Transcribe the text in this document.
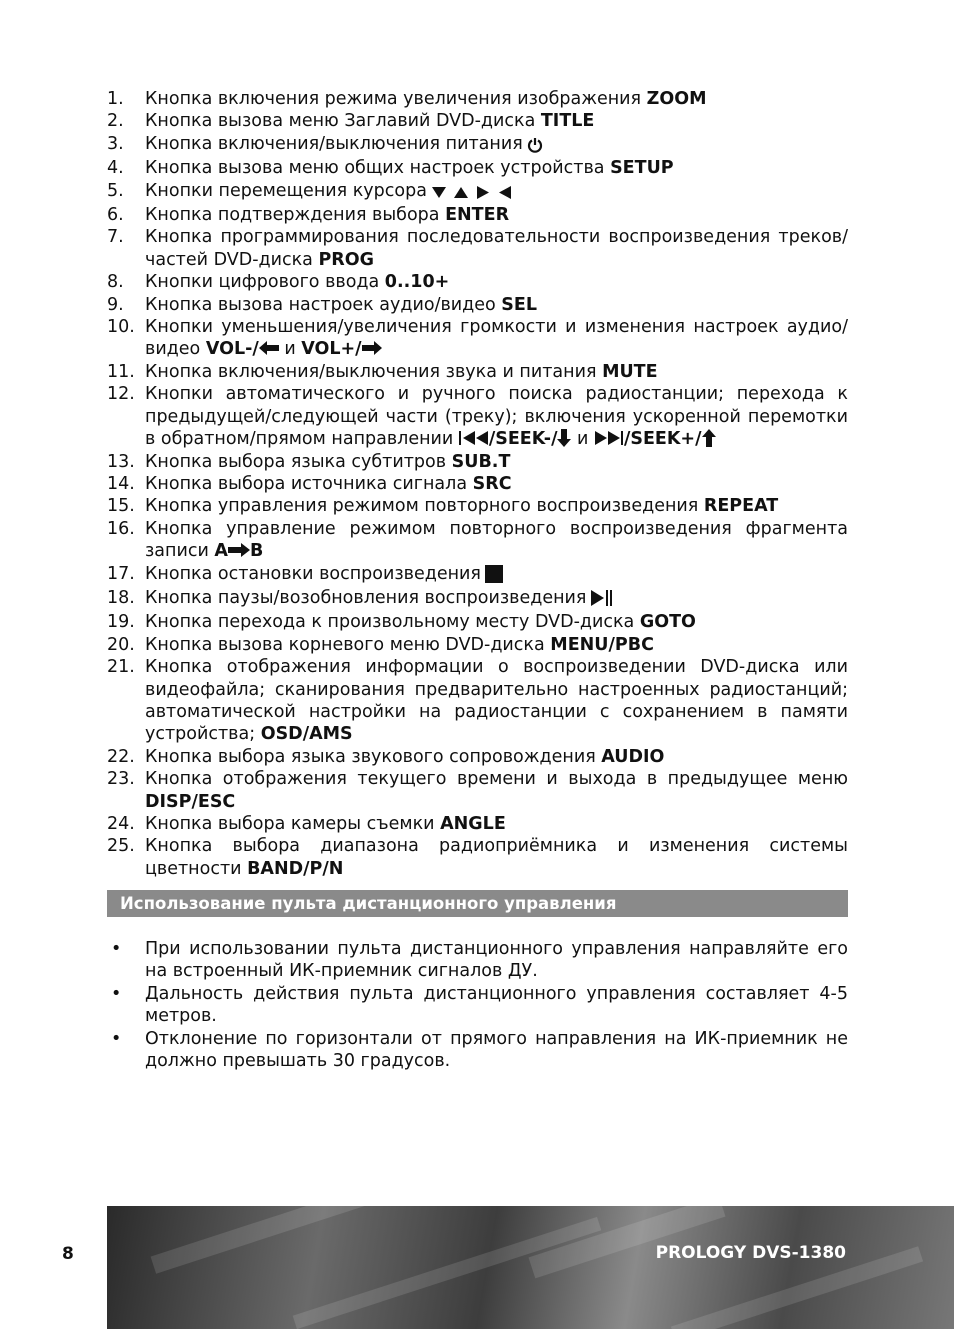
1.	Кнопка включения режима увеличения изображения ZOOM
2.	Кнопка вызова меню Заглавий DVD-диска TITLE
3.	Кнопка включения/выключения питания
4.	Кнопка вызова меню общих настроек устройства SETUP
5.	Кнопки перемещения курсора
6.	Кнопка подтверждения выбора ENTER
7.	Кнопка программирования последовательности воспроизведения треков/частей DVD-диска PROG
8.	Кнопки цифрового ввода 0..10+
9.	Кнопка вызова настроек аудио/видео SEL
10. Кнопки уменьшения/увеличения громкости и изменения настроек аудио/видео VOL-/ и VOL+/
11. Кнопка включения/выключения звука и питания MUTE
12. Кнопки автоматического и ручного поиска радиостанции; перехода к предыдущей/следующей части (треку); включения ускоренной перемотки в обратном/прямом направлении /SEEK-/ и /SEEK+/
13. Кнопка выбора языка субтитров SUB.T
14. Кнопка выбора источника сигнала SRC
15. Кнопка управления режимом повторного воспроизведения REPEAT
16. Кнопка управление режимом повторного воспроизведения фрагмента записи A B
17. Кнопка остановки воспроизведения
18. Кнопка паузы/возобновления воспроизведения
19. Кнопка перехода к произвольному месту DVD-диска GOTO
20. Кнопка вызова корневого меню DVD-диска MENU/PBC
21. Кнопка отображения информации о воспроизведении DVD-диска или видеофайла; сканирования предварительно настроенных радиостанций; автоматической настройки на радиостанции с сохранением в памяти устройства; OSD/AMS
22. Кнопка выбора языка звукового сопровождения AUDIO
23. Кнопка отображения текущего времени и выхода в предыдущее меню DISP/ESC
24. Кнопка выбора камеры съемки ANGLE
25. Кнопка выбора диапазона радиоприёмника и изменения системы цветности BAND/P/N
Использование пульта дистанционного управления
•	При использовании пульта дистанционного управления направляйте его на встроенный ИК-приемник сигналов ДУ.
•	Дальность действия пульта дистанционного управления составляет 4-5 метров.
•	Отклонение по горизонтали от прямого направления на ИК-приемник не должно превышать 30 градусов.
8	PROLOGY DVS-1380
